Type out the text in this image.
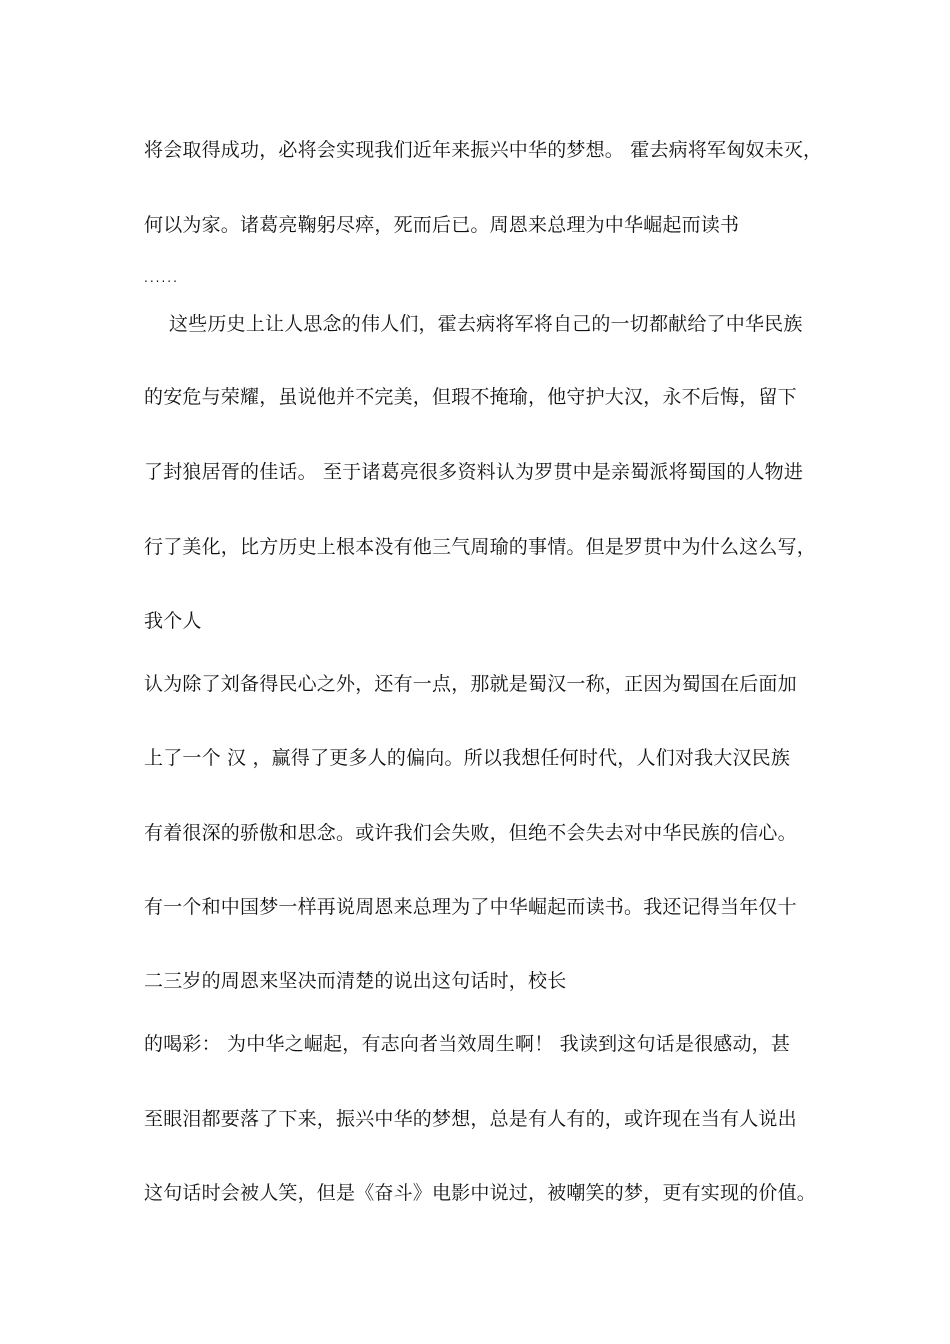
将会取得成功，必将会实现我们近年来振兴中华的梦想。 霍去病将军匈奴未灭，
何以为家。诸葛亮鞠躬尽瘁，死而后已。周恩来总理为中华崛起而读书
......
这些历史上让人思念的伟人们，霍去病将军将自己的一切都献给了中华民族
的安危与荣耀，虽说他并不完美，但瑕不掩瑜，他守护大汉，永不后悔，留下
了封狼居胥的佳话。 至于诸葛亮很多资料认为罗贯中是亲蜀派将蜀国的人物进
行了美化，比方历史上根本没有他三气周瑜的事情。但是罗贯中为什么这么写，
我个人
认为除了刘备得民心之外，还有一点，那就是蜀汉一称，正因为蜀国在后面加
上了一个 汉 ，赢得了更多人的偏向。所以我想任何时代，人们对我大汉民族
有着很深的骄傲和思念。或许我们会失败，但绝不会失去对中华民族的信心。
有一个和中国梦一样再说周恩来总理为了中华崛起而读书。我还记得当年仅十
二三岁的周恩来坚决而清楚的说出这句话时，校长
的喝彩： 为中华之崛起，有志向者当效周生啊！ 我读到这句话是很感动，甚
至眼泪都要落了下来，振兴中华的梦想，总是有人有的，或许现在当有人说出
这句话时会被人笑，但是《奋斗》电影中说过，被嘲笑的梦，更有实现的价值。
